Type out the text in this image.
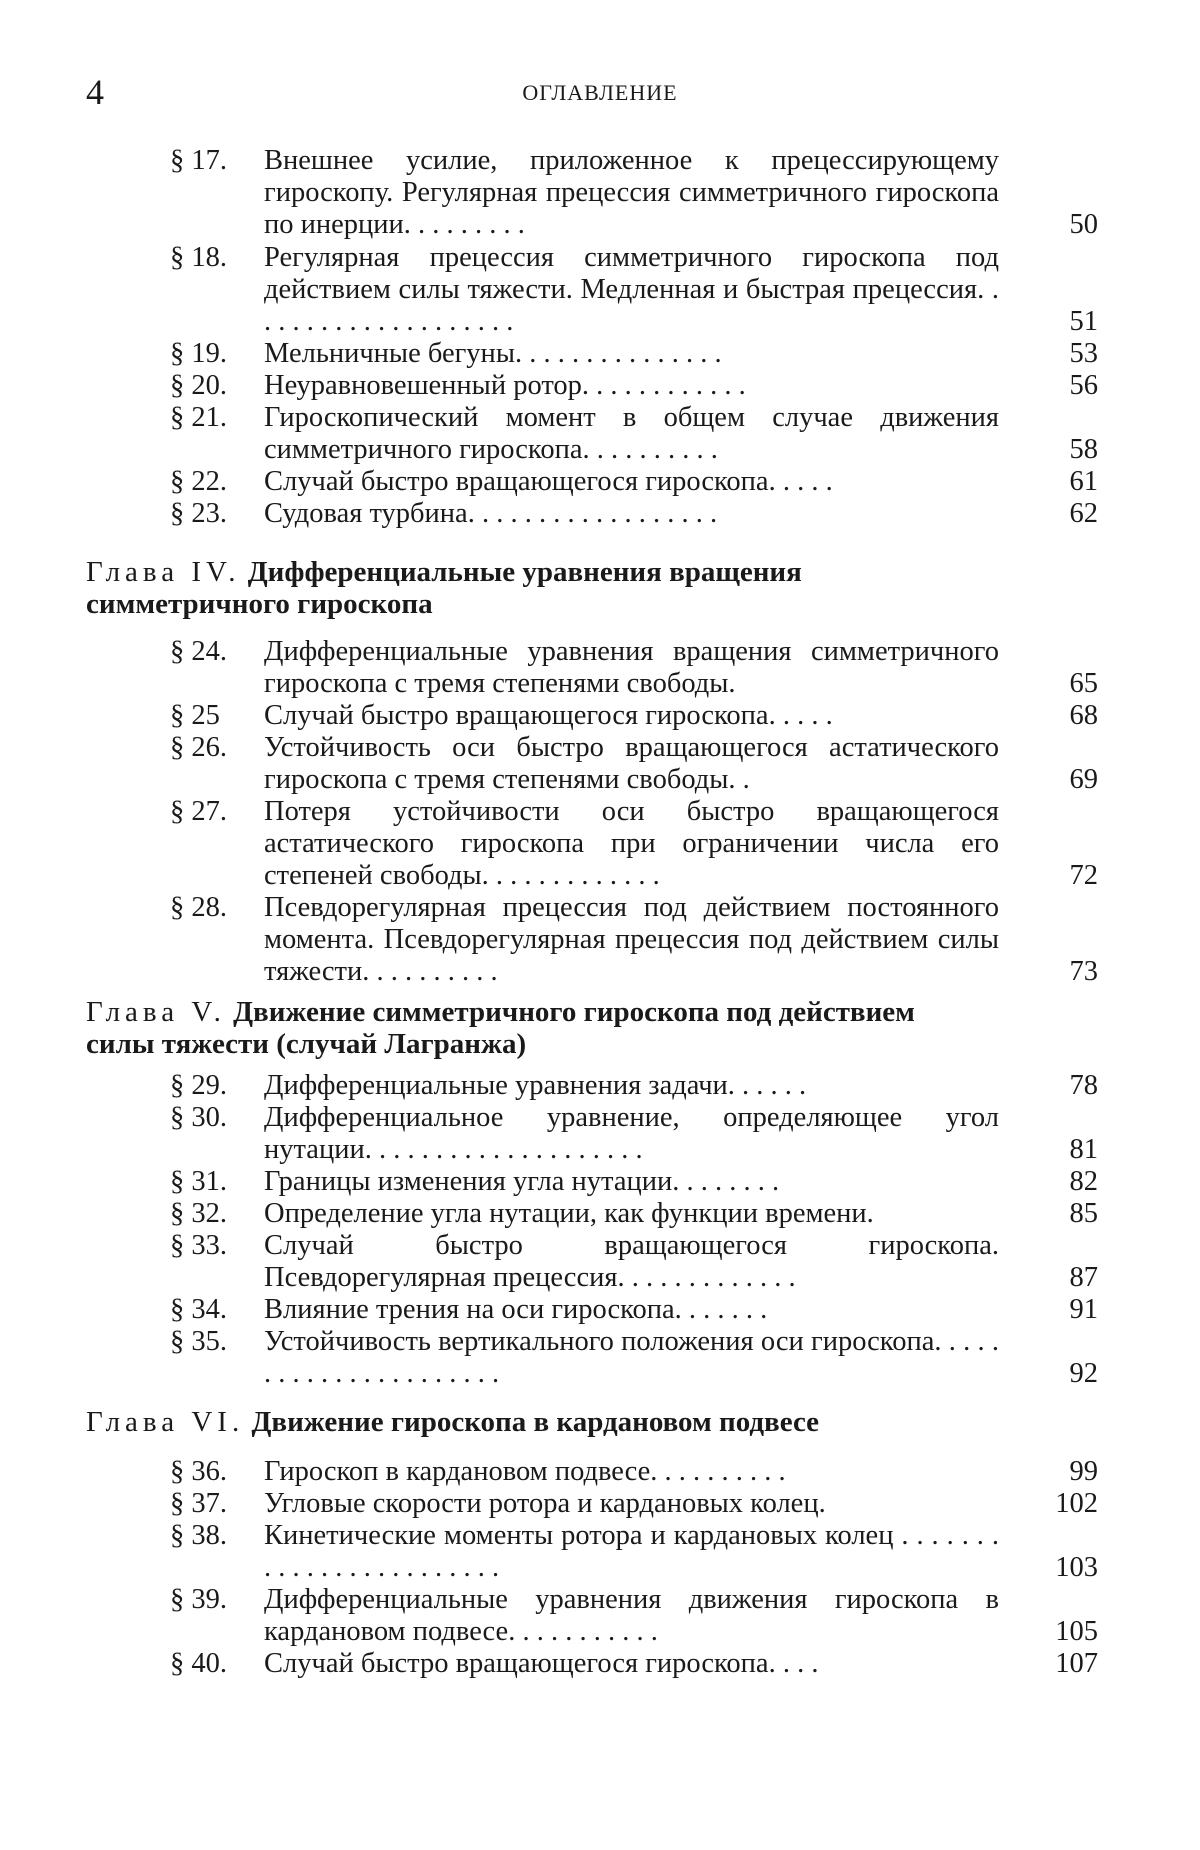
4	ОГЛАВЛЕНИЕ
§ 17.	Внешнее усилие, приложенное к прецессирующему гироскопу. Регулярная прецессия симметричного гироскопа по инерции. . . . . . . . .	50
§ 18.	Регулярная прецессия симметричного гироскопа под действием силы тяжести. Медленная и быстрая прецессия. . . . . . . . . . . . . . . . . . . .	51
§ 19.	Мельничные бегуны. . . . . . . . . . . . . . .	53
§ 20.	Неуравновешенный ротор. . . . . . . . . . . .	56
§ 21.	Гироскопический момент в общем случае движения симметричного гироскопа. . . . . . . . . .	58
§ 22.	Случай быстро вращающегося гироскопа. . . . .	61
§ 23.	Судовая турбина. . . . . . . . . . . . . . . . . .	62
Глава IV. Дифференциальные уравнения вращения симметричного гироскопа
§ 24.	Дифференциальные уравнения вращения симметричного гироскопа с тремя степенями свободы.	65
§ 25	Случай быстро вращающегося гироскопа. . . . .	68
§ 26.	Устойчивость оси быстро вращающегося астатического гироскопа с тремя степенями свободы. .	69
§ 27.	Потеря устойчивости оси быстро вращающегося астатического гироскопа при ограничении числа его степеней свободы. . . . . . . . . . . . .	72
§ 28.	Псевдорегулярная прецессия под действием постоянного момента. Псевдорегулярная прецессия под действием силы тяжести. . . . . . . . . .	73
Глава V. Движение симметричного гироскопа под действием силы тяжести (случай Лагранжа)
§ 29.	Дифференциальные уравнения задачи. . . . . .	78
§ 30.	Дифференциальное уравнение, определяющее угол нутации. . . . . . . . . . . . . . . . . . . .	81
§ 31.	Границы изменения угла нутации. . . . . . . .	82
§ 32.	Определение угла нутации, как функции времени.	85
§ 33.	Случай быстро вращающегося гироскопа. Псевдорегулярная прецессия. . . . . . . . . . . . .	87
§ 34.	Влияние трения на оси гироскопа. . . . . . .	91
§ 35.	Устойчивость вертикального положения оси гироскопа. . . . . . . . . . . . . . . . . . . . . .	92
Глава VI. Движение гироскопа в кардановом подвесе
§ 36.	Гироскоп в кардановом подвесе. . . . . . . . . .	99
§ 37.	Угловые скорости ротора и кардановых колец.	102
§ 38.	Кинетические моменты ротора и кардановых колец . . . . . . . . . . . . . . . . . . . . . . . .	103
§ 39.	Дифференциальные уравнения движения гироскопа в кардановом подвесе. . . . . . . . . . .	105
§ 40.	Случай быстро вращающегося гироскопа. . . .	107
